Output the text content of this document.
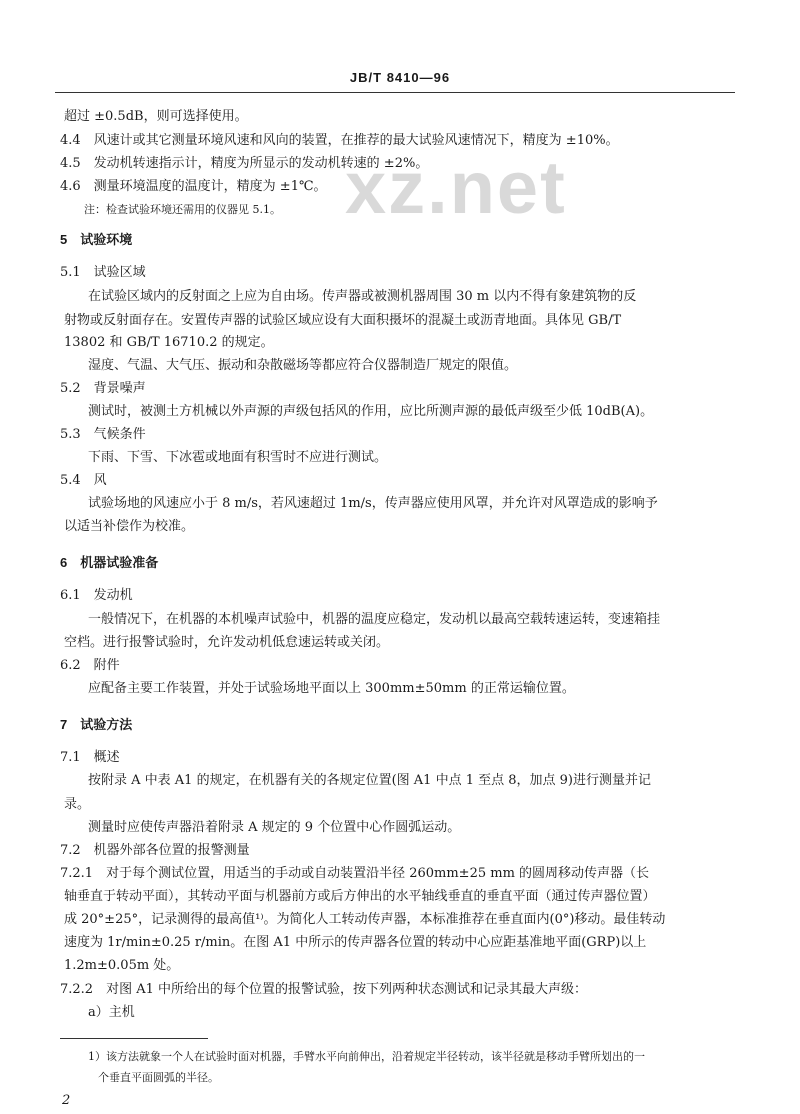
JB/T 8410—96
xz.net
超过 ±0.5dB，则可选择使用。
4.4　风速计或其它测量环境风速和风向的装置，在推荐的最大试验风速情况下，精度为 ±10%。
4.5　发动机转速指示计，精度为所显示的发动机转速的 ±2%。
4.6　测量环境温度的温度计，精度为 ±1℃。
注：检查试验环境还需用的仪器见 5.1。
5　试验环境
5.1　试验区域
在试验区域内的反射面之上应为自由场。传声器或被测机器周围 30 m 以内不得有象建筑物的反
射物或反射面存在。安置传声器的试验区域应设有大面积摄坏的混凝土或沥青地面。具体见 GB/T
13802 和 GB/T 16710.2 的规定。
湿度、气温、大气压、振动和杂散磁场等都应符合仪器制造厂规定的限值。
5.2　背景噪声
测试时，被测土方机械以外声源的声级包括风的作用，应比所测声源的最低声级至少低 10dB(A)。
5.3　气候条件
下雨、下雪、下冰雹或地面有积雪时不应进行测试。
5.4　风
试验场地的风速应小于 8 m/s，若风速超过 1m/s，传声器应使用风罩，并允许对风罩造成的影响予
以适当补偿作为校准。
6　机器试验准备
6.1　发动机
一般情况下，在机器的本机噪声试验中，机器的温度应稳定，发动机以最高空载转速运转，变速箱挂
空档。进行报警试验时，允许发动机低怠速运转或关闭。
6.2　附件
应配备主要工作装置，并处于试验场地平面以上 300mm±50mm 的正常运输位置。
7　试验方法
7.1　概述
按附录 A 中表 A1 的规定，在机器有关的各规定位置(图 A1 中点 1 至点 8，加点 9)进行测量并记
录。
测量时应使传声器沿着附录 A 规定的 9 个位置中心作圆弧运动。
7.2　机器外部各位置的报警测量
7.2.1　对于每个测试位置，用适当的手动或自动装置沿半径 260mm±25 mm 的圆周移动传声器（长
轴垂直于转动平面），其转动平面与机器前方或后方伸出的水平轴线垂直的垂直平面（通过传声器位置）
成 20°±25°，记录测得的最高值¹⁾。为简化人工转动传声器，本标准推荐在垂直面内(0°)移动。最佳转动
速度为 1r/min±0.25 r/min。在图 A1 中所示的传声器各位置的转动中心应距基准地平面(GRP)以上
1.2m±0.05m 处。
7.2.2　对图 A1 中所给出的每个位置的报警试验，按下列两种状态测试和记录其最大声级：
a）主机
1）该方法就象一个人在试验时面对机器，手臂水平向前伸出，沿着规定半径转动，该半径就是移动手臂所划出的一
个垂直平面圆弧的半径。
2
